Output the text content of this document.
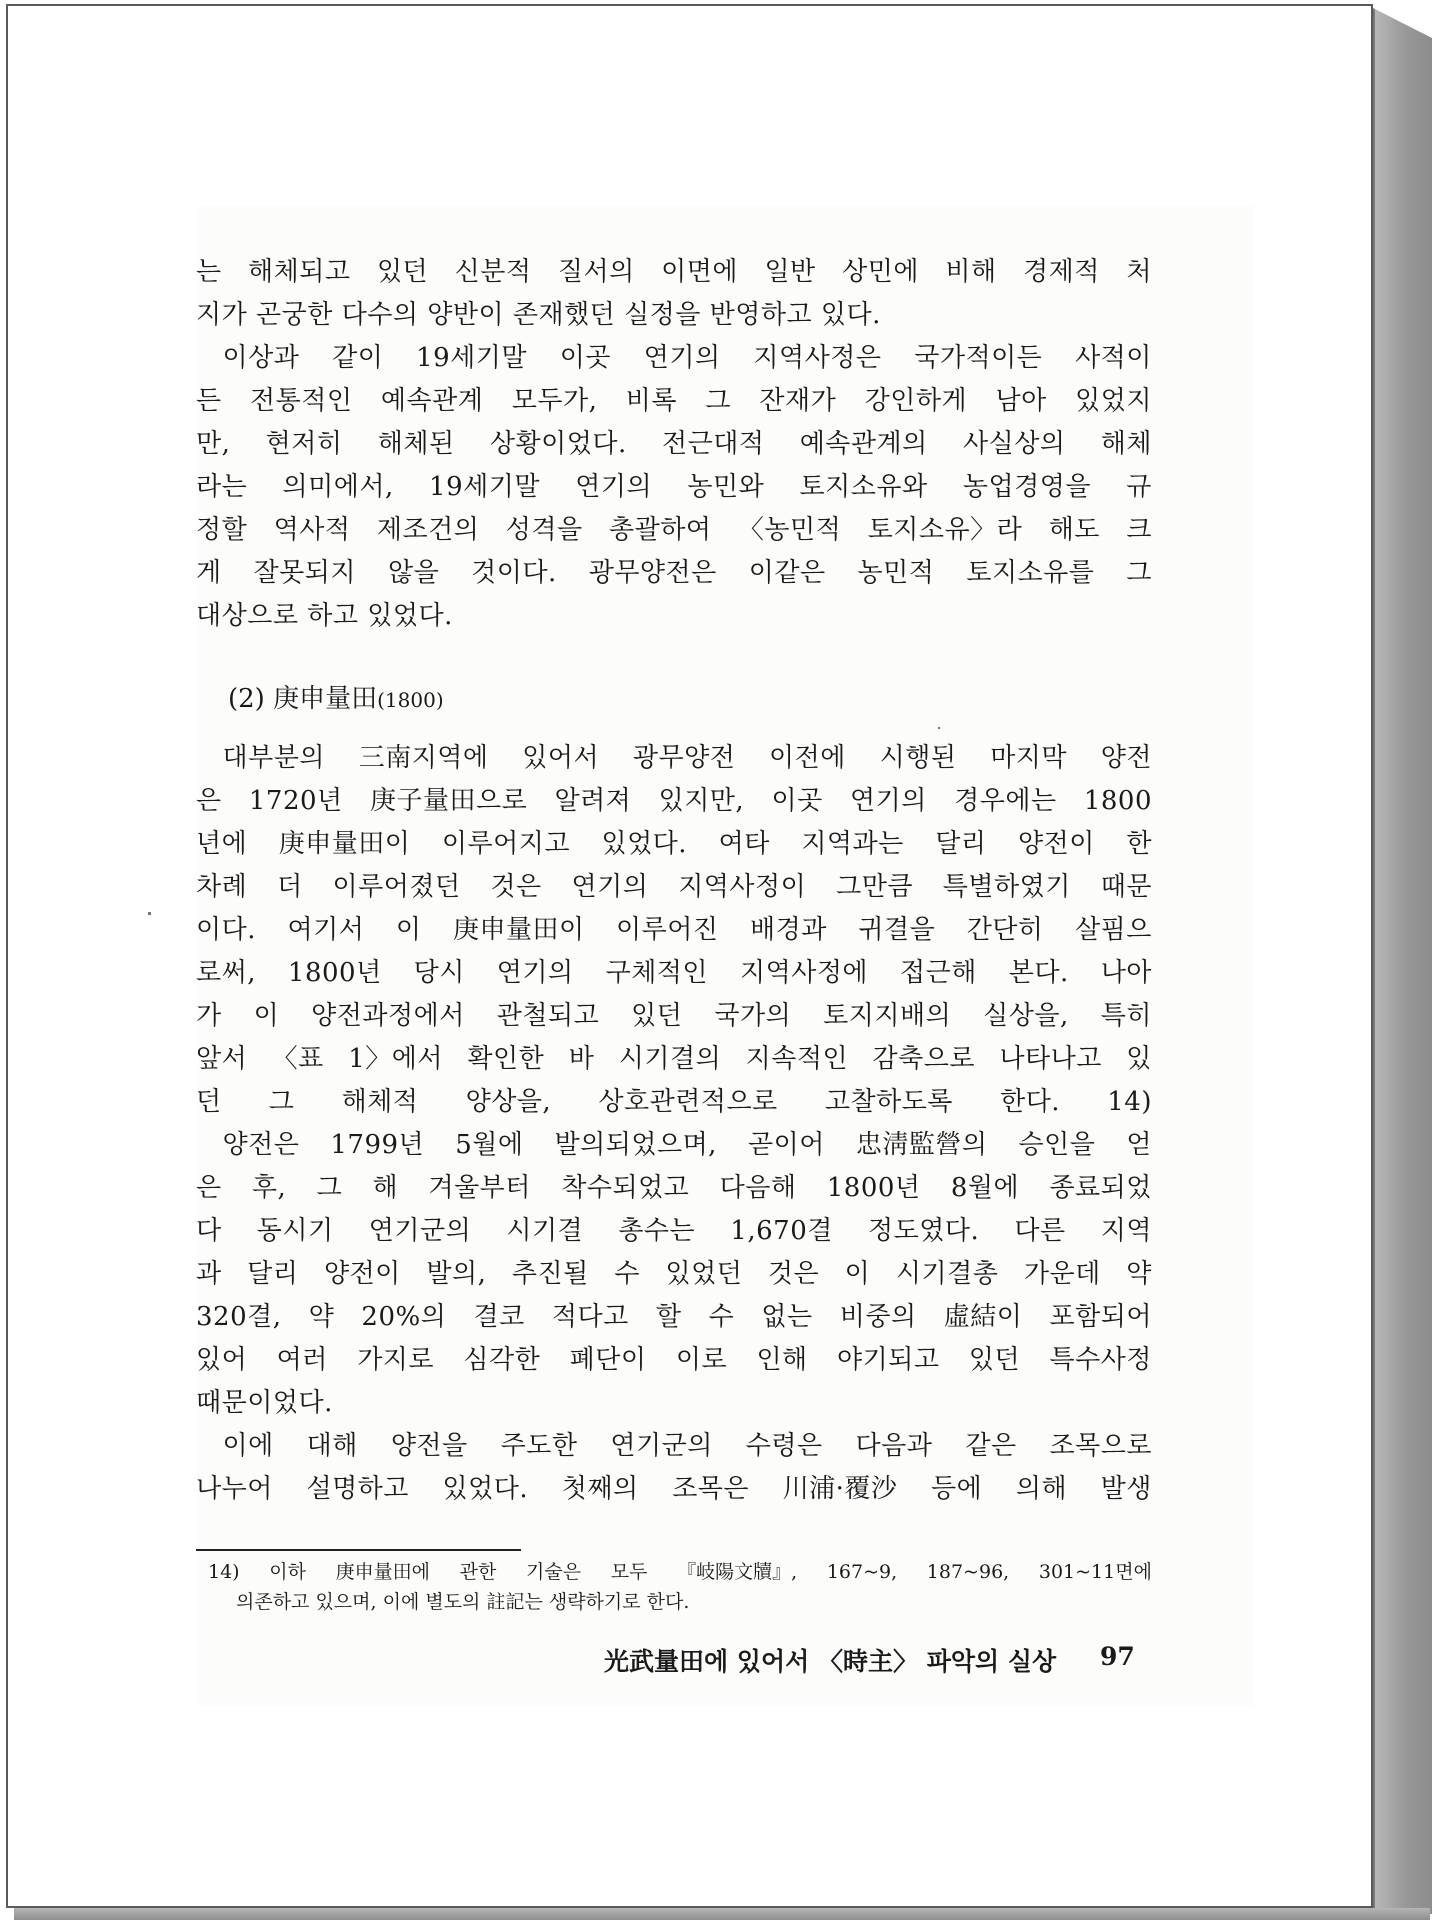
는 해체되고 있던 신분적 질서의 이면에 일반 상민에 비해 경제적 처
지가 곤궁한 다수의 양반이 존재했던 실정을 반영하고 있다.
　이상과 같이 19세기말 이곳 연기의 지역사정은 국가적이든 사적이
든 전통적인 예속관계 모두가, 비록 그 잔재가 강인하게 남아 있었지
만, 현저히 해체된 상황이었다. 전근대적 예속관계의 사실상의 해체
라는 의미에서, 19세기말 연기의 농민와 토지소유와 농업경영을 규
정할 역사적 제조건의 성격을 총괄하여 〈농민적 토지소유〉라 해도 크
게 잘못되지 않을 것이다. 광무양전은 이같은 농민적 토지소유를 그
대상으로 하고 있었다.
(2) 庚申量田(1800)
　대부분의 三南지역에 있어서 광무양전 이전에 시행된 마지막 양전
은 1720년 庚子量田으로 알려져 있지만, 이곳 연기의 경우에는 1800
년에 庚申量田이 이루어지고 있었다. 여타 지역과는 달리 양전이 한
차례 더 이루어졌던 것은 연기의 지역사정이 그만큼 특별하였기 때문
이다. 여기서 이 庚申量田이 이루어진 배경과 귀결을 간단히 살핌으
로써, 1800년 당시 연기의 구체적인 지역사정에 접근해 본다. 나아
가 이 양전과정에서 관철되고 있던 국가의 토지지배의 실상을, 특히
앞서 〈표 1〉에서 확인한 바 시기결의 지속적인 감축으로 나타나고 있
던 그 해체적 양상을, 상호관련적으로 고찰하도록 한다. 14)
　양전은 1799년 5월에 발의되었으며, 곧이어 忠淸監營의 승인을 얻
은 후, 그 해 겨울부터 착수되었고 다음해 1800년 8월에 종료되었
다 동시기 연기군의 시기결 총수는 1,670결 정도였다. 다른 지역
과 달리 양전이 발의, 추진될 수 있었던 것은 이 시기결총 가운데 약
320결, 약 20%의 결코 적다고 할 수 없는 비중의 虛結이 포함되어
있어 여러 가지로 심각한 폐단이 이로 인해 야기되고 있던 특수사정
때문이었다.
　이에 대해 양전을 주도한 연기군의 수령은 다음과 같은 조목으로
나누어 설명하고 있었다. 첫째의 조목은 川浦·覆沙 등에 의해 발생
14) 이하 庚申量田에 관한 기술은 모두 『岐陽文牘』, 167~9, 187~96, 301~11면에
의존하고 있으며, 이에 별도의 註記는 생략하기로 한다.
光武量田에 있어서 〈時主〉 파악의 실상 97
